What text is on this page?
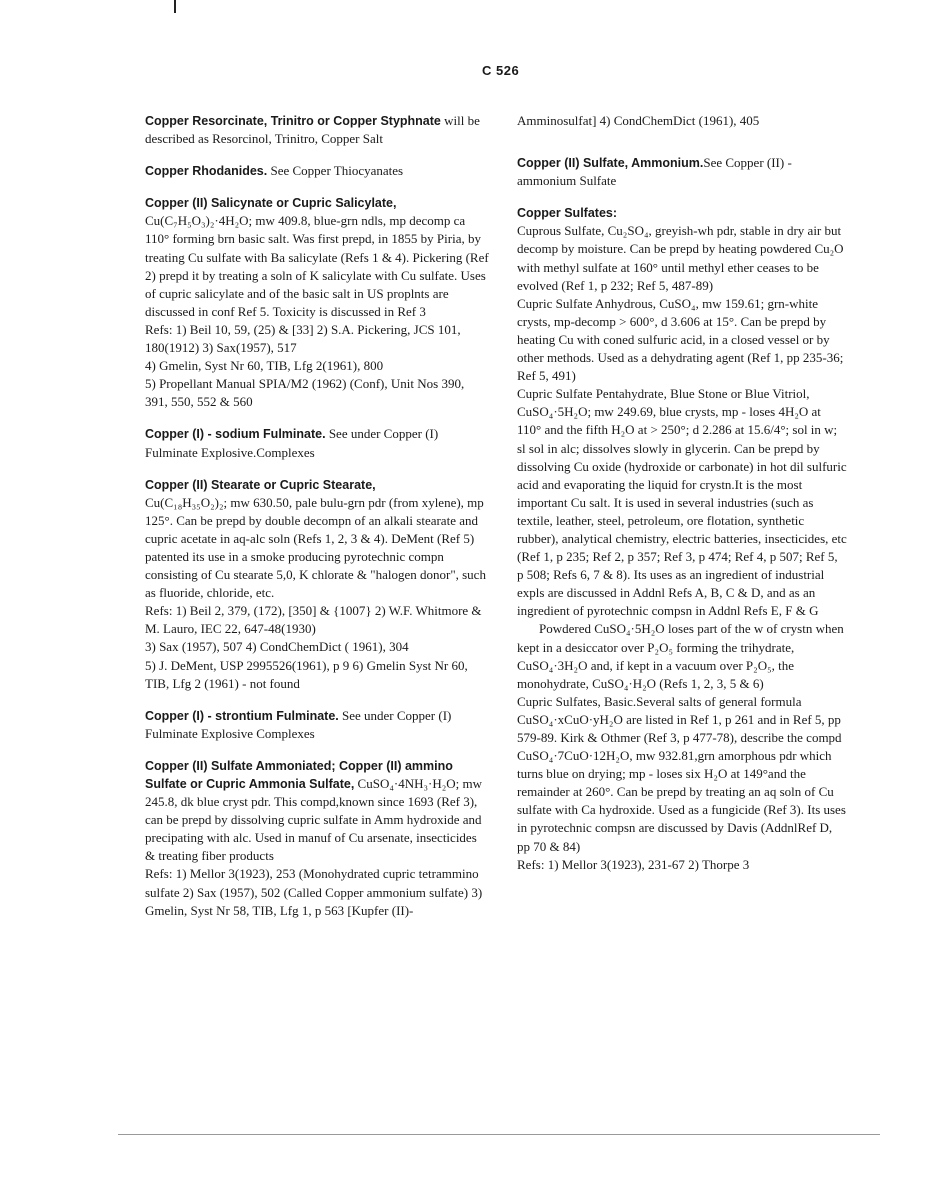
C 526

Copper Resorcinate, Trinitro or Copper Styphnate will be described as Resorcinol, Trinitro, Copper Salt

Copper Rhodanides. See Copper Thiocyanates

Copper (II) Salicynate or Cupric Salicylate,
Cu(C₇H₅O₃)₂·4H₂O; mw 409.8, blue-grn ndls, mp decomp ca 110° forming brn basic salt. Was first prepd, in 1855 by Piria, by treating Cu sulfate with Ba salicylate (Refs 1 & 4). Pickering (Ref 2) prepd it by treating a soln of K salicylate with Cu sulfate. Uses of cupric salicylate and of the basic salt in US proplnts are discussed in conf Ref 5. Toxicity is discussed in Ref 3

Refs: 1) Beil 10, 59, (25) & [33] 2) S.A. Pickering, JCS 101, 180(1912) 3) Sax(1957), 517

4) Gmelin, Syst Nr 60, TIB, Lfg 2(1961), 800

5) Propellant Manual SPIA/M2 (1962) (Conf), Unit Nos 390, 391, 550, 552 & 560

Copper (I) - sodium Fulminate. See under Copper (I) Fulminate Explosive.Complexes

Copper (II) Stearate or Cupric Stearate,
Cu(C₁₈H₃₅O₂)₂; mw 630.50, pale bulu-grn pdr (from xylene), mp 125°. Can be prepd by double decompn of an alkali stearate and cupric acetate in aq-alc soln (Refs 1, 2, 3 & 4). DeMent (Ref 5) patented its use in a smoke producing pyrotechnic compn consisting of Cu stearate 5,0, K chlorate & "halogen donor", such as fluoride, chloride, etc.

Refs: 1) Beil 2, 379, (172), [350] & {1007} 2) W.F. Whitmore & M. Lauro, IEC 22, 647-48(1930)

3) Sax (1957), 507 4) CondChemDict ( 1961), 304

5) J. DeMent, USP 2995526(1961), p 9 6) Gmelin Syst Nr 60, TIB, Lfg 2 (1961) - not found

Copper (I) - strontium Fulminate. See under Copper (I) Fulminate Explosive Complexes

Copper (II) Sulfate Ammoniated; Copper (II) ammino Sulfate or Cupric Ammonia Sulfate, CuSO₄·4NH₃·H₂O; mw 245.8, dk blue cryst pdr. This compd,known since 1693 (Ref 3), can be prepd by dissolving cupric sulfate in Amm hydroxide and precipating with alc. Used in manuf of Cu arsenate, insecticides & treating fiber products

Refs: 1) Mellor 3(1923), 253 (Monohydrated cupric tetrammino sulfate 2) Sax (1957), 502 (Called Copper ammonium sulfate) 3) Gmelin, Syst Nr 58, TIB, Lfg 1, p 563 [Kupfer (II)-

Amminosulfat] 4) CondChemDict (1961), 405

Copper (II) Sulfate, Ammonium.See Copper (II) - ammonium Sulfate

Copper Sulfates:

Cuprous Sulfate, Cu₂SO₄, greyish-wh pdr, stable in dry air but decomp by moisture. Can be prepd by heating powdered Cu₂O with methyl sulfate at 160° until methyl ether ceases to be evolved (Ref 1, p 232; Ref 5, 487-89)

Cupric Sulfate Anhydrous, CuSO₄, mw 159.61; grn-white crysts, mp-decomp > 600°, d 3.606 at 15°. Can be prepd by heating Cu with coned sulfuric acid, in a closed vessel or by other methods. Used as a dehydrating agent (Ref 1, pp 235-36; Ref 5, 491)

Cupric Sulfate Pentahydrate, Blue Stone or Blue Vitriol, CuSO₄·5H₂O; mw 249.69, blue crysts, mp - loses 4H₂O at 110° and the fifth H₂O at > 250°; d 2.286 at 15.6/4°; sol in w; sl sol in alc; dissolves slowly in glycerin. Can be prepd by dissolving Cu oxide (hydroxide or carbonate) in hot dil sulfuric acid and evaporating the liquid for crystn.It is the most important Cu salt. It is used in several industries (such as textile, leather, steel, petroleum, ore flotation, synthetic rubber), analytical chemistry, electric batteries, insecticides, etc (Ref 1, p 235; Ref 2, p 357; Ref 3, p 474; Ref 4, p 507; Ref 5, p 508; Refs 6, 7 & 8). Its uses as an ingredient of industrial expls are discussed in Addnl Refs A, B, C & D, and as an ingredient of pyrotechnic compsn in Addnl Refs E, F & G

Powdered CuSO₄·5H₂O loses part of the w of crystn when kept in a desiccator over P₂O₅ forming the trihydrate, CuSO₄·3H₂O and, if kept in a vacuum over P₂O₅, the monohydrate, CuSO₄·H₂O (Refs 1, 2, 3, 5 & 6)

Cupric Sulfates, Basic.Several salts of general formula CuSO₄·xCuO·yH₂O are listed in Ref 1, p 261 and in Ref 5, pp 579-89. Kirk & Othmer (Ref 3, p 477-78), describe the compd CuSO₄·7CuO·12H₂O, mw 932.81,grn amorphous pdr which turns blue on drying; mp - loses six H₂O at 149°and the remainder at 260°. Can be prepd by treating an aq soln of Cu sulfate with Ca hydroxide. Used as a fungicide (Ref 3). Its uses in pyrotechnic compsn are discussed by Davis (AddnlRef D, pp 70 & 84)

Refs: 1) Mellor 3(1923), 231-67 2) Thorpe 3
